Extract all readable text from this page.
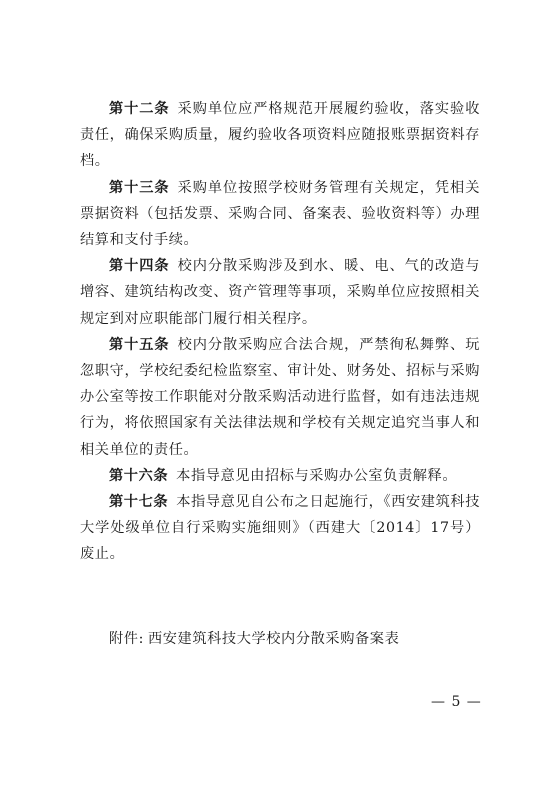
第十二条 采购单位应严格规范开展履约验收，落实验收责任，确保采购质量，履约验收各项资料应随报账票据资料存档。

第十三条 采购单位按照学校财务管理有关规定，凭相关票据资料（包括发票、采购合同、备案表、验收资料等）办理结算和支付手续。

第十四条 校内分散采购涉及到水、暖、电、气的改造与增容、建筑结构改变、资产管理等事项，采购单位应按照相关规定到对应职能部门履行相关程序。

第十五条 校内分散采购应合法合规，严禁徇私舞弊、玩忽职守，学校纪委纪检监察室、审计处、财务处、招标与采购办公室等按工作职能对分散采购活动进行监督，如有违法违规行为，将依照国家有关法律法规和学校有关规定追究当事人和相关单位的责任。

第十六条 本指导意见由招标与采购办公室负责解释。

第十七条 本指导意见自公布之日起施行，《西安建筑科技大学处级单位自行采购实施细则》（西建大〔2014〕17号）废止。

附件: 西安建筑科技大学校内分散采购备案表

— 5 —
